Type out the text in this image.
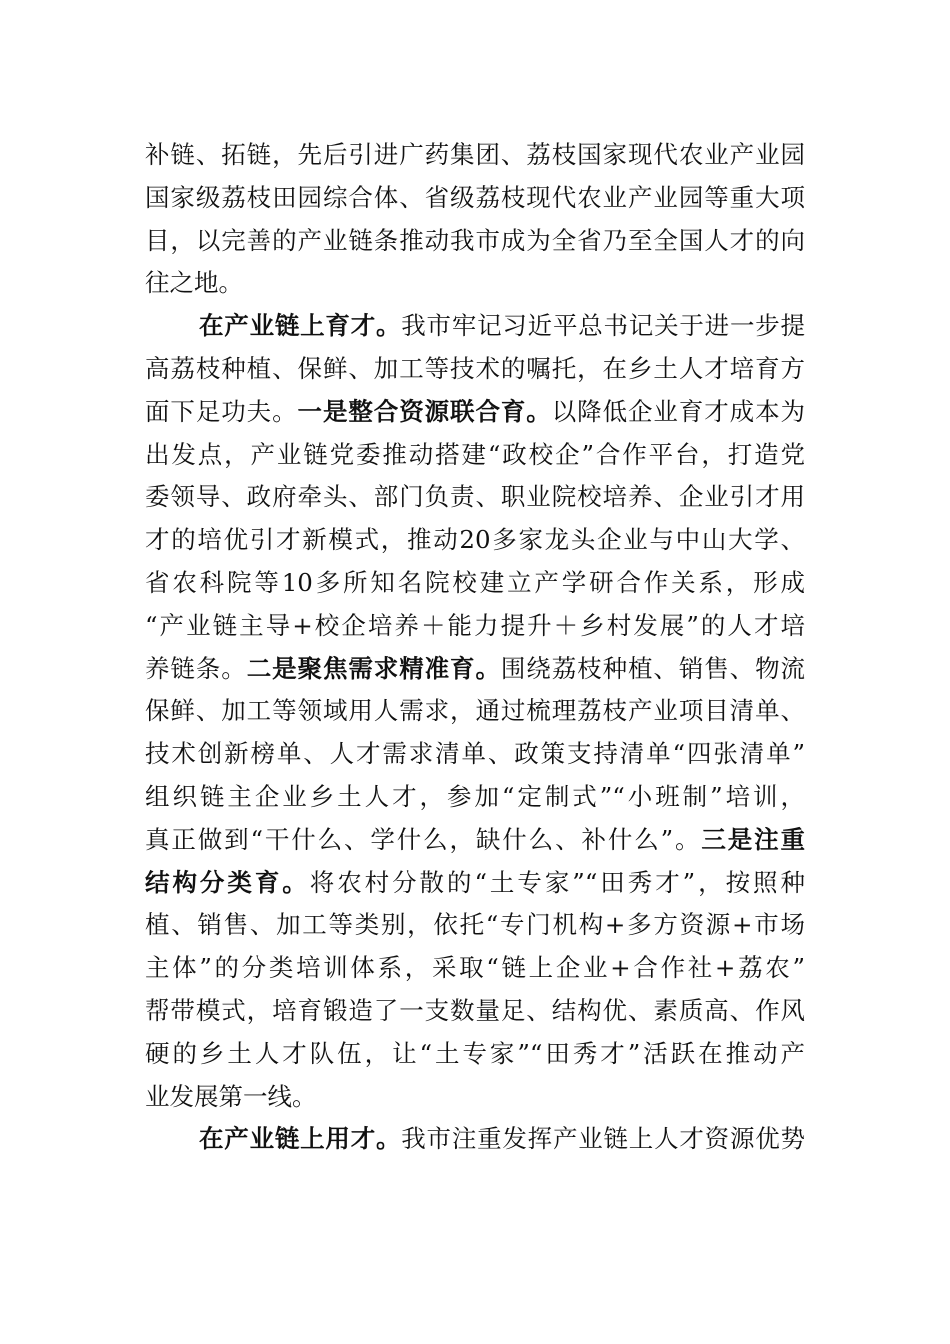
补链、拓链，先后引进广药集团、荔枝国家现代农业产业园
国家级荔枝田园综合体、省级荔枝现代农业产业园等重大项
目，以完善的产业链条推动我市成为全省乃至全国人才的向
往之地。
在产业链上育才。我市牢记习近平总书记关于进一步提
高荔枝种植、保鲜、加工等技术的嘱托，在乡土人才培育方
面下足功夫。一是整合资源联合育。以降低企业育才成本为
出发点，产业链党委推动搭建“政校企”合作平台，打造党
委领导、政府牵头、部门负责、职业院校培养、企业引才用
才的培优引才新模式，推动20多家龙头企业与中山大学、
省农科院等10多所知名院校建立产学研合作关系，形成
“产业链主导+校企培养＋能力提升＋乡村发展”的人才培
养链条。二是聚焦需求精准育。围绕荔枝种植、销售、物流
保鲜、加工等领域用人需求，通过梳理荔枝产业项目清单、
技术创新榜单、人才需求清单、政策支持清单“四张清单”
组织链主企业乡土人才，参加“定制式”“小班制”培训，
真正做到“干什么、学什么，缺什么、补什么”。三是注重
结构分类育。将农村分散的“土专家”“田秀才”，按照种
植、销售、加工等类别，依托“专门机构+多方资源+市场
主体”的分类培训体系，采取“链上企业+合作社+荔农”
帮带模式，培育锻造了一支数量足、结构优、素质高、作风
硬的乡土人才队伍，让“土专家”“田秀才”活跃在推动产
业发展第一线。
在产业链上用才。我市注重发挥产业链上人才资源优势
